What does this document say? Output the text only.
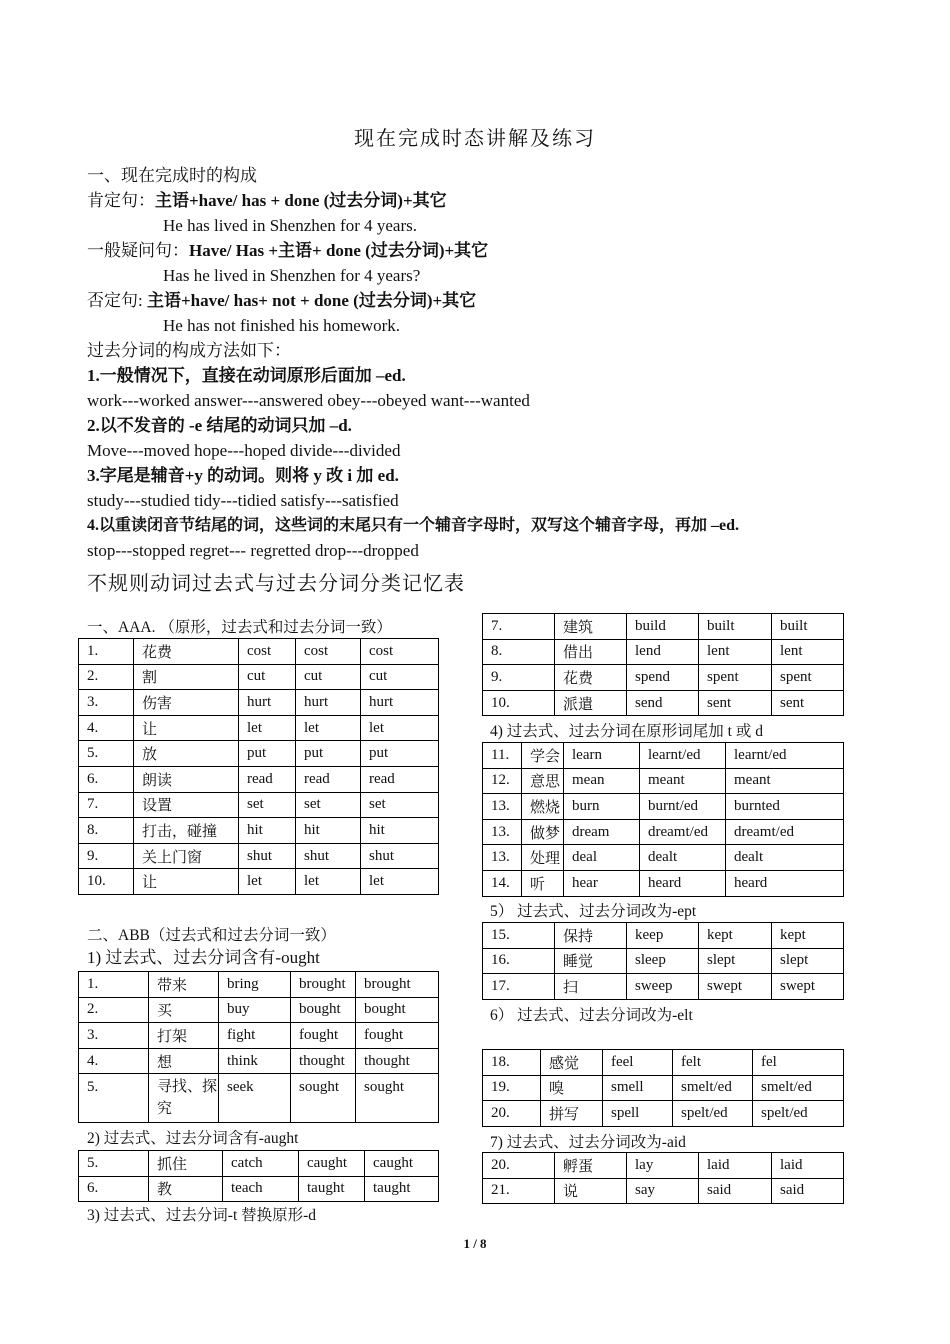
现在完成时态讲解及练习
一、现在完成时的构成
肯定句：主语+have/ has + done (过去分词)+其它
He has lived in Shenzhen for 4 years.
一般疑问句：Have/ Has +主语+ done (过去分词)+其它
Has he lived in Shenzhen for 4 years?
否定句: 主语+have/ has+ not + done (过去分词)+其它
He has not finished his homework.
过去分词的构成方法如下：
1.一般情况下，直接在动词原形后面加 –ed.
work---worked answer---answered obey---obeyed want---wanted
2.以不发音的 -e 结尾的动词只加 –d.
Move---moved hope---hoped divide---divided
3.字尾是辅音+y 的动词。则将 y 改 i 加 ed.
study---studied tidy---tidied satisfy---satisfied
4.以重读闭音节结尾的词，这些词的末尾只有一个辅音字母时，双写这个辅音字母，再加 –ed.
stop---stopped regret--- regretted drop---dropped
不规则动词过去式与过去分词分类记忆表
一、AAA. （原形，过去式和过去分词一致）
1.	花费	cost	cost	cost
2.	割	cut	cut	cut
3.	伤害	hurt	hurt	hurt
4.	让	let	let	let
5.	放	put	put	put
6.	朗读	read	read	read
7.	设置	set	set	set
8.	打击，碰撞	hit	hit	hit
9.	关上门窗	shut	shut	shut
10.	让	let	let	let
二、ABB（过去式和过去分词一致）
1) 过去式、过去分词含有-ought
1.	带来	bring	brought	brought
2.	买	buy	bought	bought
3.	打架	fight	fought	fought
4.	想	think	thought	thought
5.	寻找、探究	seek	sought	sought
2) 过去式、过去分词含有-aught
5.	抓住	catch	caught	caught
6.	教	teach	taught	taught
3) 过去式、过去分词-t 替换原形-d
7.	建筑	build	built	built
8.	借出	lend	lent	lent
9.	花费	spend	spent	spent
10.	派遣	send	sent	sent
4) 过去式、过去分词在原形词尾加 t 或 d
11.	学会	learn	learnt/ed	learnt/ed
12.	意思	mean	meant	meant
13.	燃烧	burn	burnt/ed	burnted
13.	做梦	dream	dreamt/ed	dreamt/ed
13.	处理	deal	dealt	dealt
14.	听	hear	heard	heard
5） 过去式、过去分词改为-ept
15.	保持	keep	kept	kept
16.	睡觉	sleep	slept	slept
17.	扫	sweep	swept	swept
6） 过去式、过去分词改为-elt
18.	感觉	feel	felt	fel
19.	嗅	smell	smelt/ed	smelt/ed
20.	拼写	spell	spelt/ed	spelt/ed
7) 过去式、过去分词改为-aid
20.	孵蛋	lay	laid	laid
21.	说	say	said	said
1 / 8
